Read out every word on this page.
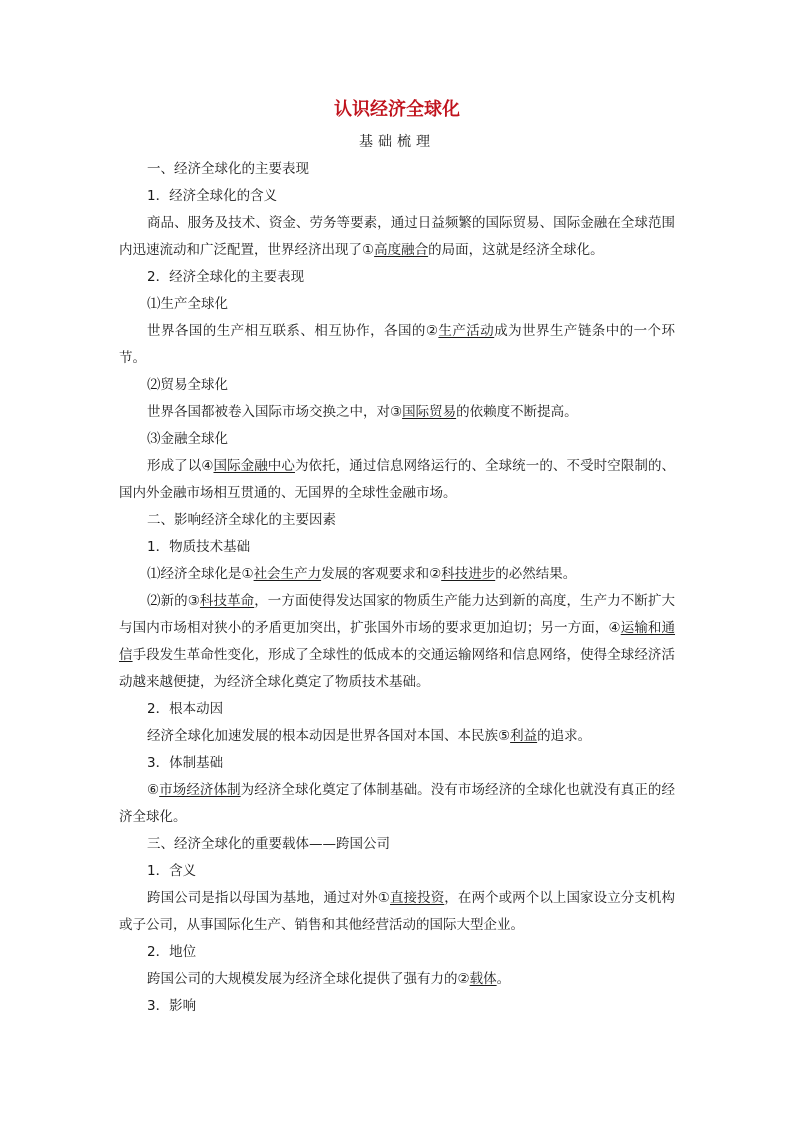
认识经济全球化
基础梳理

一、经济全球化的主要表现

1．经济全球化的含义

商品、服务及技术、资金、劳务等要素，通过日益频繁的国际贸易、国际金融在全球范围内迅速流动和广泛配置，世界经济出现了①高度融合的局面，这就是经济全球化。

2．经济全球化的主要表现

⑴生产全球化

世界各国的生产相互联系、相互协作，各国的②生产活动成为世界生产链条中的一个环节。

⑵贸易全球化

世界各国都被卷入国际市场交换之中，对③国际贸易的依赖度不断提高。

⑶金融全球化

形成了以④国际金融中心为依托，通过信息网络运行的、全球统一的、不受时空限制的、国内外金融市场相互贯通的、无国界的全球性金融市场。

二、影响经济全球化的主要因素

1．物质技术基础

⑴经济全球化是①社会生产力发展的客观要求和②科技进步的必然结果。

⑵新的③科技革命，一方面使得发达国家的物质生产能力达到新的高度，生产力不断扩大与国内市场相对狭小的矛盾更加突出，扩张国外市场的要求更加迫切；另一方面，④运输和通信手段发生革命性变化，形成了全球性的低成本的交通运输网络和信息网络，使得全球经济活动越来越便捷，为经济全球化奠定了物质技术基础。

2．根本动因

经济全球化加速发展的根本动因是世界各国对本国、本民族⑤利益的追求。

3．体制基础

⑥市场经济体制为经济全球化奠定了体制基础。没有市场经济的全球化也就没有真正的经济全球化。

三、经济全球化的重要载体——跨国公司

1．含义

跨国公司是指以母国为基地，通过对外①直接投资，在两个或两个以上国家设立分支机构或子公司，从事国际化生产、销售和其他经营活动的国际大型企业。

2．地位

跨国公司的大规模发展为经济全球化提供了强有力的②载体。

3．影响
